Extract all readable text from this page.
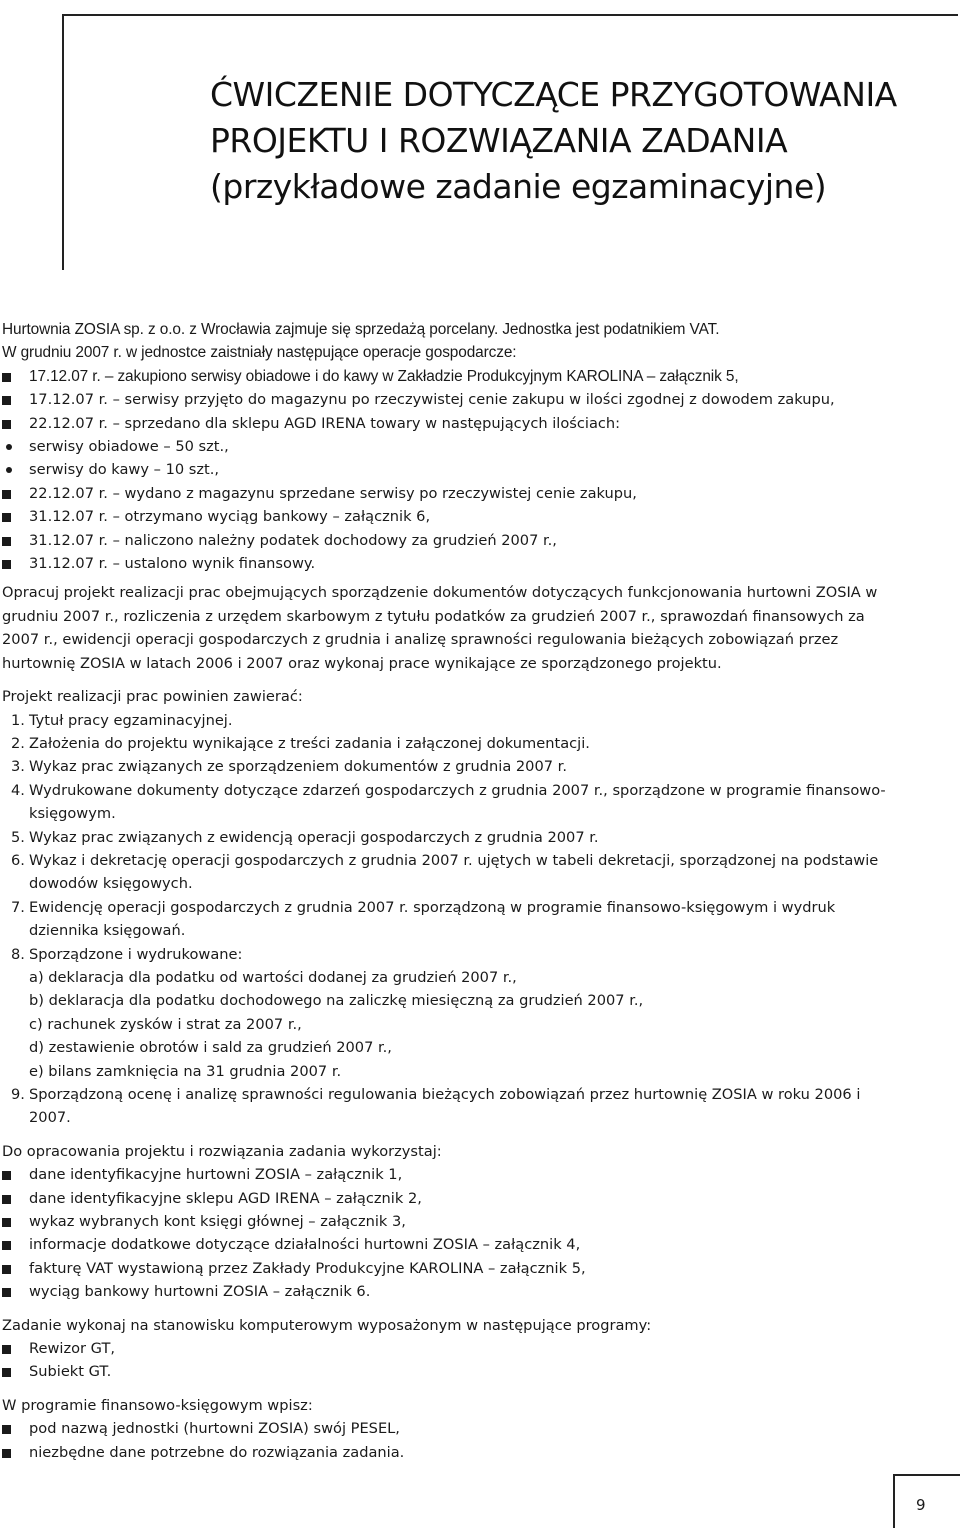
ĆWICZENIE DOTYCZĄCE PRZYGOTOWANIA
PROJEKTU I ROZWIĄZANIA ZADANIA
(przykładowe zadanie egzaminacyjne)

Hurtownia ZOSIA sp. z o.o. z Wrocławia zajmuje się sprzedażą porcelany. Jednostka jest podatnikiem VAT.

W grudniu 2007 r. w jednostce zaistniały następujące operacje gospodarcze:

17.12.07 r. – zakupiono serwisy obiadowe i do kawy w Zakładzie Produkcyjnym KAROLINA – załącznik 5,
17.12.07 r. – serwisy przyjęto do magazynu po rzeczywistej cenie zakupu w ilości zgodnej z dowodem zakupu,
22.12.07 r. – sprzedano dla sklepu AGD IRENA towary w następujących ilościach:
serwisy obiadowe – 50 szt.,
serwisy do kawy – 10 szt.,
22.12.07 r. – wydano z magazynu sprzedane serwisy po rzeczywistej cenie zakupu,
31.12.07 r. – otrzymano wyciąg bankowy – załącznik 6,
31.12.07 r. – naliczono należny podatek dochodowy za grudzień 2007 r.,
31.12.07 r. – ustalono wynik finansowy.

Opracuj projekt realizacji prac obejmujących sporządzenie dokumentów dotyczących funkcjonowania hurtowni ZOSIA w grudniu 2007 r., rozliczenia z urzędem skarbowym z tytułu podatków za grudzień 2007 r., sprawozdań finansowych za 2007 r., ewidencji operacji gospodarczych z grudnia i analizę sprawności regulowania bieżących zobowiązań przez hurtownię ZOSIA w latach 2006 i 2007 oraz wykonaj prace wynikające ze sporządzonego projektu.

Projekt realizacji prac powinien zawierać:

1. Tytuł pracy egzaminacyjnej.
2. Założenia do projektu wynikające z treści zadania i załączonej dokumentacji.
3. Wykaz prac związanych ze sporządzeniem dokumentów z grudnia 2007 r.
4. Wydrukowane dokumenty dotyczące zdarzeń gospodarczych z grudnia 2007 r., sporządzone w programie finansowo-księgowym.
5. Wykaz prac związanych z ewidencją operacji gospodarczych z grudnia 2007 r.
6. Wykaz i dekretację operacji gospodarczych z grudnia 2007 r. ujętych w tabeli dekretacji, sporządzonej na podstawie dowodów księgowych.
7. Ewidencję operacji gospodarczych z grudnia 2007 r. sporządzoną w programie finansowo-księgowym i wydruk dziennika księgowań.
8. Sporządzone i wydrukowane:
a) deklaracja dla podatku od wartości dodanej za grudzień 2007 r.,
b) deklaracja dla podatku dochodowego na zaliczkę miesięczną za grudzień 2007 r.,
c) rachunek zysków i strat za 2007 r.,
d) zestawienie obrotów i sald za grudzień 2007 r.,
e) bilans zamknięcia na 31 grudnia 2007 r.
9. Sporządzoną ocenę i analizę sprawności regulowania bieżących zobowiązań przez hurtownię ZOSIA w roku 2006 i 2007.

Do opracowania projektu i rozwiązania zadania wykorzystaj:

dane identyfikacyjne hurtowni ZOSIA – załącznik 1,
dane identyfikacyjne sklepu AGD IRENA – załącznik 2,
wykaz wybranych kont księgi głównej – załącznik 3,
informacje dodatkowe dotyczące działalności hurtowni ZOSIA – załącznik 4,
fakturę VAT wystawioną przez Zakłady Produkcyjne KAROLINA – załącznik 5,
wyciąg bankowy hurtowni ZOSIA – załącznik 6.

Zadanie wykonaj na stanowisku komputerowym wyposażonym w następujące programy:

Rewizor GT,
Subiekt GT.

W programie finansowo-księgowym wpisz:

pod nazwą jednostki (hurtowni ZOSIA) swój PESEL,
niezbędne dane potrzebne do rozwiązania zadania.

9
